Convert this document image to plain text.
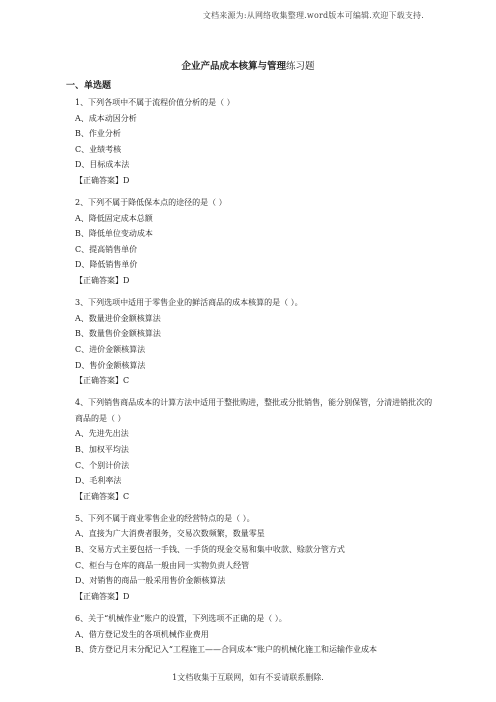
文档来源为:从网络收集整理.word版本可编辑.欢迎下载支持.
企业产品成本核算与管理练习题
一、单选题
1、下列各项中不属于流程价值分析的是（ ）
A、成本动因分析
B、作业分析
C、业绩考核
D、目标成本法
【正确答案】D
2、下列不属于降低保本点的途径的是（ ）
A、降低固定成本总额
B、降低单位变动成本
C、提高销售单价
D、降低销售单价
【正确答案】D
3、下列选项中适用于零售企业的鲜活商品的成本核算的是（ ）。
A、数量进价金额核算法
B、数量售价金额核算法
C、进价金额核算法
D、售价金额核算法
【正确答案】C
4、下列销售商品成本的计算方法中适用于整批购进，整批或分批销售，能分别保管，分清进销批次的商品的是（ ）
A、先进先出法
B、加权平均法
C、个别计价法
D、毛利率法
【正确答案】C
5、下列不属于商业零售企业的经营特点的是（ ）。
A、直接为广大消费者服务，交易次数频繁，数量零星
B、交易方式主要包括一手钱、一手货的现金交易和集中收款、赊款分管方式
C、柜台与仓库的商品一般由同一实物负责人经管
D、对销售的商品一般采用售价金额核算法
【正确答案】D
6、关于“机械作业”账户的设置，下列选项不正确的是（ ）。
A、借方登记发生的各项机械作业费用
B、贷方登记月末分配记入“工程施工——合同成本”账户的机械化施工和运输作业成本
1文档收集于互联网，如有不妥请联系删除.
